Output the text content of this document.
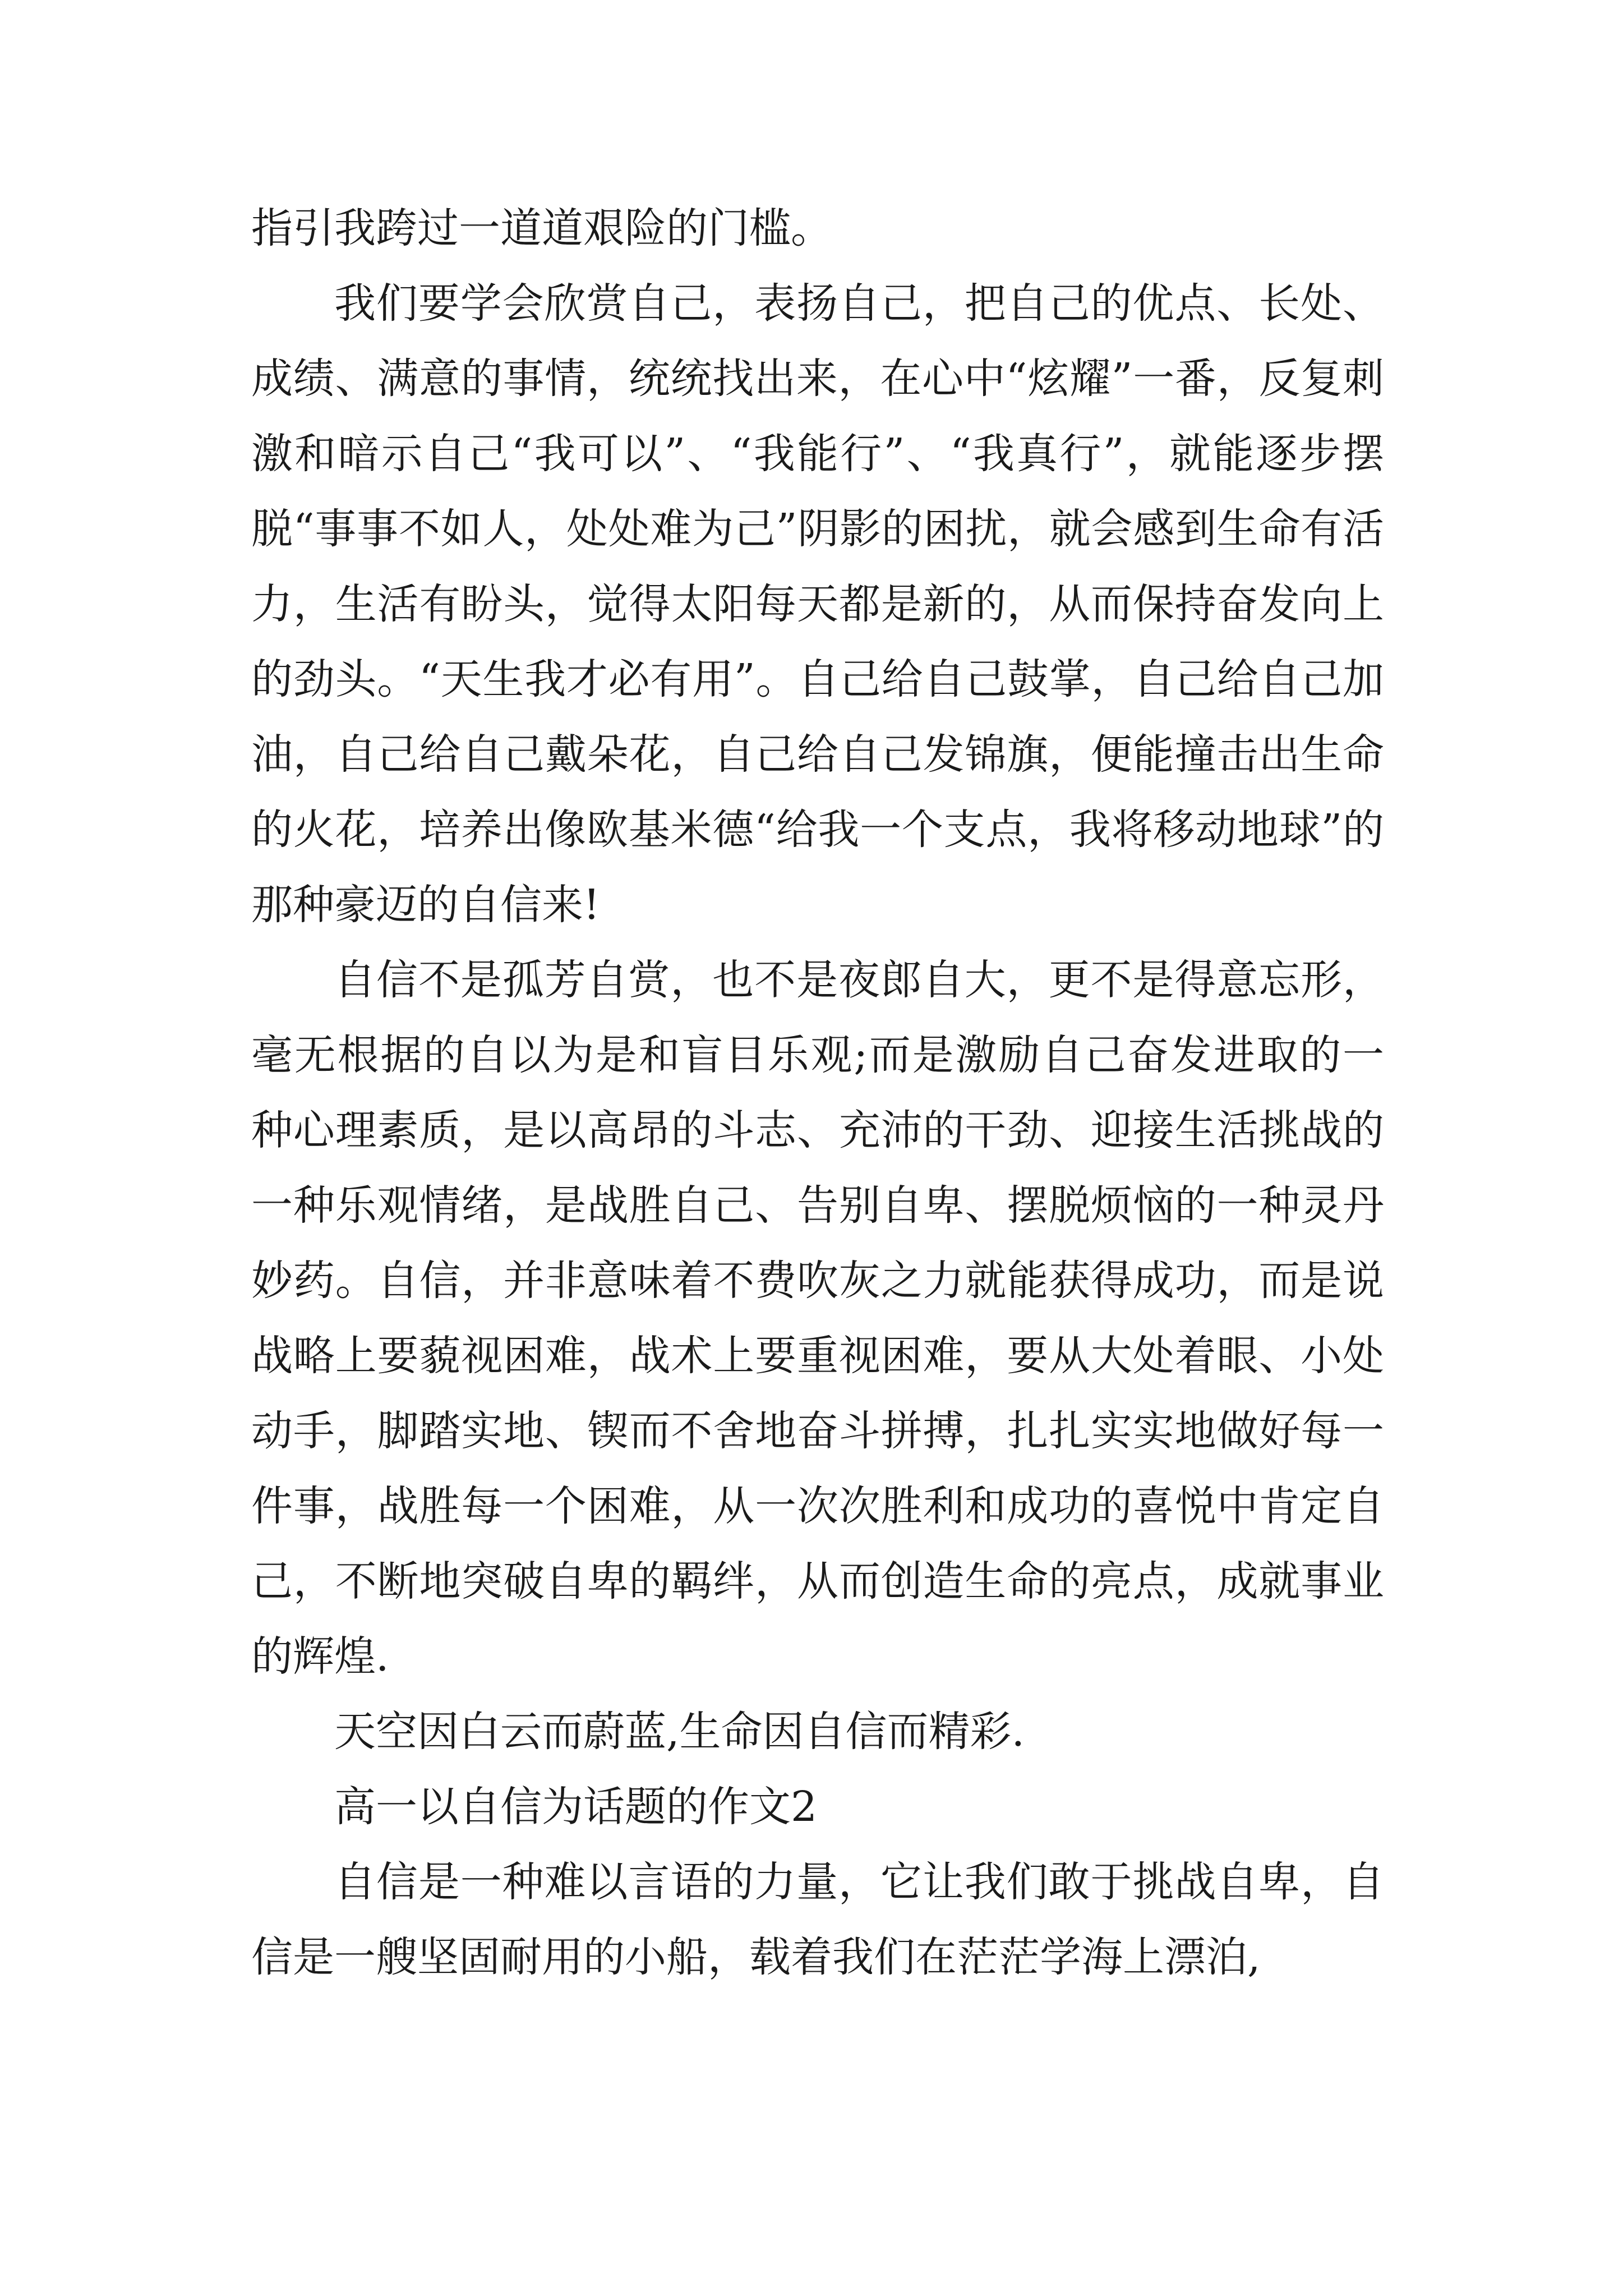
指引我跨过一道道艰险的门槛。

我们要学会欣赏自己，表扬自己，把自己的优点、长处、成绩、满意的事情，统统找出来，在心中“炫耀”一番，反复刺激和暗示自己“我可以”、“我能行”、“我真行”，就能逐步摆脱“事事不如人，处处难为己”阴影的困扰，就会感到生命有活力，生活有盼头，觉得太阳每天都是新的，从而保持奋发向上的劲头。“天生我才必有用”。自己给自己鼓掌，自己给自己加油，自己给自己戴朵花，自己给自己发锦旗，便能撞击出生命的火花，培养出像欧基米德“给我一个支点，我将移动地球”的那种豪迈的自信来!

自信不是孤芳自赏，也不是夜郎自大，更不是得意忘形，毫无根据的自以为是和盲目乐观;而是激励自己奋发进取的一种心理素质，是以高昂的斗志、充沛的干劲、迎接生活挑战的一种乐观情绪，是战胜自己、告别自卑、摆脱烦恼的一种灵丹妙药。自信，并非意味着不费吹灰之力就能获得成功，而是说战略上要藐视困难，战术上要重视困难，要从大处着眼、小处动手，脚踏实地、锲而不舍地奋斗拼搏，扎扎实实地做好每一件事，战胜每一个困难，从一次次胜利和成功的喜悦中肯定自己，不断地突破自卑的羁绊，从而创造生命的亮点，成就事业的辉煌.

天空因白云而蔚蓝,生命因自信而精彩.

高一以自信为话题的作文2

自信是一种难以言语的力量，它让我们敢于挑战自卑，自信是一艘坚固耐用的小船，载着我们在茫茫学海上漂泊,
